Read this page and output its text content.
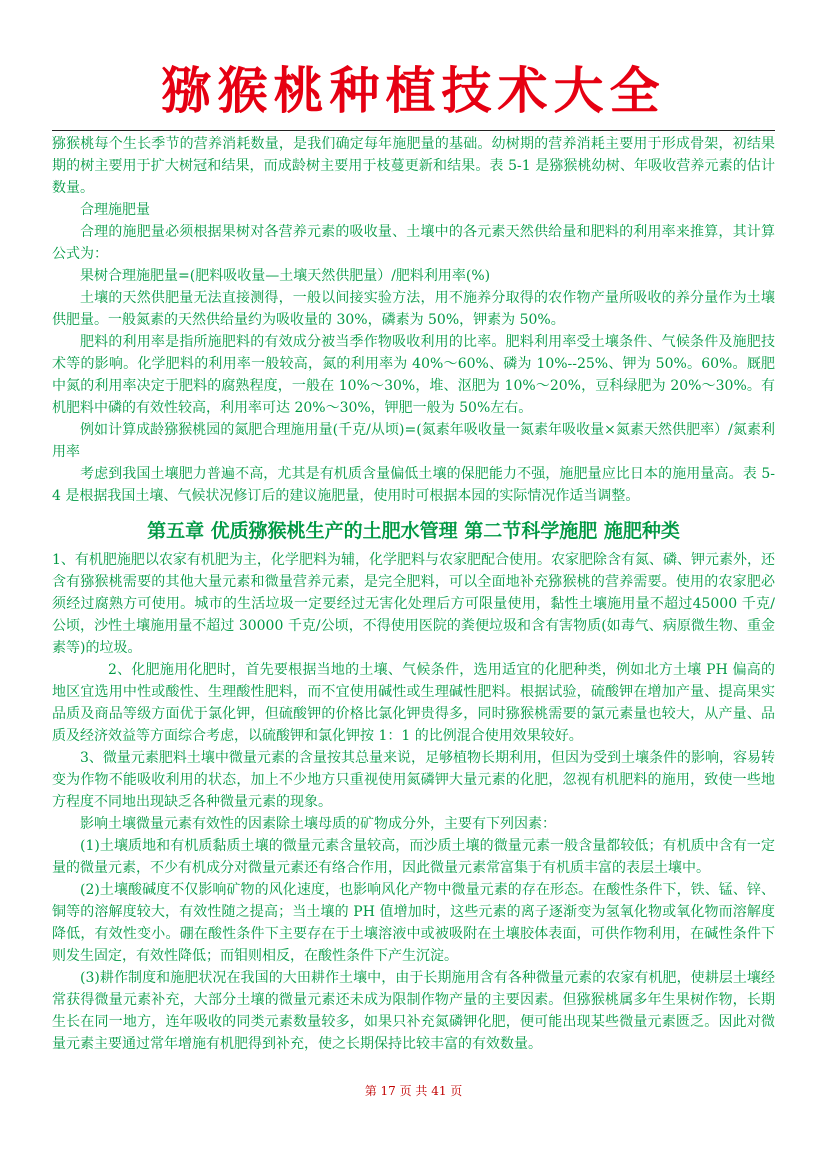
猕猴桃种植技术大全

猕猴桃每个生长季节的营养消耗数量，是我们确定每年施肥量的基础。幼树期的营养消耗主要用于形成骨架，初结果期的树主要用于扩大树冠和结果，而成龄树主要用于枝蔓更新和结果。表 5-1 是猕猴桃幼树、年吸收营养元素的估计数量。

合理施肥量

合理的施肥量必须根据果树对各营养元素的吸收量、土壤中的各元素天然供给量和肥料的利用率来推算，其计算公式为：

果树合理施肥量=(肥料吸收量—土壤天然供肥量）/肥料利用率(%)

土壤的天然供肥量无法直接测得，一般以间接实验方法，用不施养分取得的农作物产量所吸收的养分量作为土壤供肥量。一般氮素的天然供给量约为吸收量的 30%，磷素为 50%，钾素为 50%。

肥料的利用率是指所施肥料的有效成分被当季作物吸收利用的比率。肥料利用率受土壤条件、气候条件及施肥技术等的影响。化学肥料的利用率一般较高，氮的利用率为 40%～60%、磷为 10%--25%、钾为 50%。60%。厩肥中氮的利用率决定于肥料的腐熟程度，一般在 10%～30%，堆、沤肥为 10%～20%，豆科绿肥为 20%～30%。有机肥料中磷的有效性较高，利用率可达 20%～30%，钾肥一般为 50%左右。

例如计算成龄猕猴桃园的氮肥合理施用量(千克/从顷)=(氮素年吸收量一氮素年吸收量×氮素天然供肥率）/氮素利用率

考虑到我国土壤肥力普遍不高，尤其是有机质含量偏低土壤的保肥能力不强，施肥量应比日本的施用量高。表 5-4 是根据我国土壤、气候状况修订后的建议施肥量，使用时可根据本园的实际情况作适当调整。

第五章 优质猕猴桃生产的土肥水管理 第二节科学施肥 施肥种类

1、有机肥施肥以农家有机肥为主，化学肥料为辅，化学肥料与农家肥配合使用。农家肥除含有氮、磷、钾元素外，还含有猕猴桃需要的其他大量元素和微量营养元素，是完全肥料，可以全面地补充猕猴桃的营养需要。使用的农家肥必须经过腐熟方可使用。城市的生活垃圾一定要经过无害化处理后方可限量使用，黏性土壤施用量不超过45000 千克/公顷，沙性土壤施用量不超过 30000 千克/公顷，不得使用医院的粪便垃圾和含有害物质(如毒气、病原微生物、重金素等)的垃圾。

2、化肥施用化肥时，首先要根据当地的土壤、气候条件，选用适宜的化肥种类，例如北方土壤 PH 偏高的地区宜选用中性或酸性、生理酸性肥料，而不宜使用碱性或生理碱性肥料。根据试验，硫酸钾在增加产量、提高果实品质及商品等级方面优于氯化钾，但硫酸钾的价格比氯化钾贵得多，同时猕猴桃需要的氯元素量也较大，从产量、品质及经济效益等方面综合考虑，以硫酸钾和氯化钾按 1：1 的比例混合使用效果较好。

3、微量元素肥料土壤中微量元素的含量按其总量来说，足够植物长期利用，但因为受到土壤条件的影响，容易转变为作物不能吸收利用的状态，加上不少地方只重视使用氮磷钾大量元素的化肥，忽视有机肥料的施用，致使一些地方程度不同地出现缺乏各种微量元素的现象。

影响土壤微量元素有效性的因素除土壤母质的矿物成分外，主要有下列因素：

(1)土壤质地和有机质黏质土壤的微量元素含量较高，而沙质土壤的微量元素一般含量都较低；有机质中含有一定量的微量元素，不少有机成分对微量元素还有络合作用，因此微量元素常富集于有机质丰富的表层土壤中。

(2)土壤酸碱度不仅影响矿物的风化速度，也影响风化产物中微量元素的存在形态。在酸性条件下，铁、锰、锌、铜等的溶解度较大，有效性随之提高；当土壤的 PH 值增加时，这些元素的离子逐渐变为氢氧化物或氧化物而溶解度降低，有效性变小。硼在酸性条件下主要存在于土壤溶液中或被吸附在土壤胶体表面，可供作物利用，在碱性条件下则发生固定，有效性降低；而钼则相反，在酸性条件下产生沉淀。

(3)耕作制度和施肥状况在我国的大田耕作土壤中，由于长期施用含有各种微量元素的农家有机肥，使耕层土壤经常获得微量元素补充，大部分土壤的微量元素还未成为限制作物产量的主要因素。但猕猴桃属多年生果树作物，长期生长在同一地方，连年吸收的同类元素数量较多，如果只补充氮磷钾化肥，便可能出现某些微量元素匮乏。因此对微量元素主要通过常年增施有机肥得到补充，使之长期保持比较丰富的有效数量。

第 17 页 共 41 页
